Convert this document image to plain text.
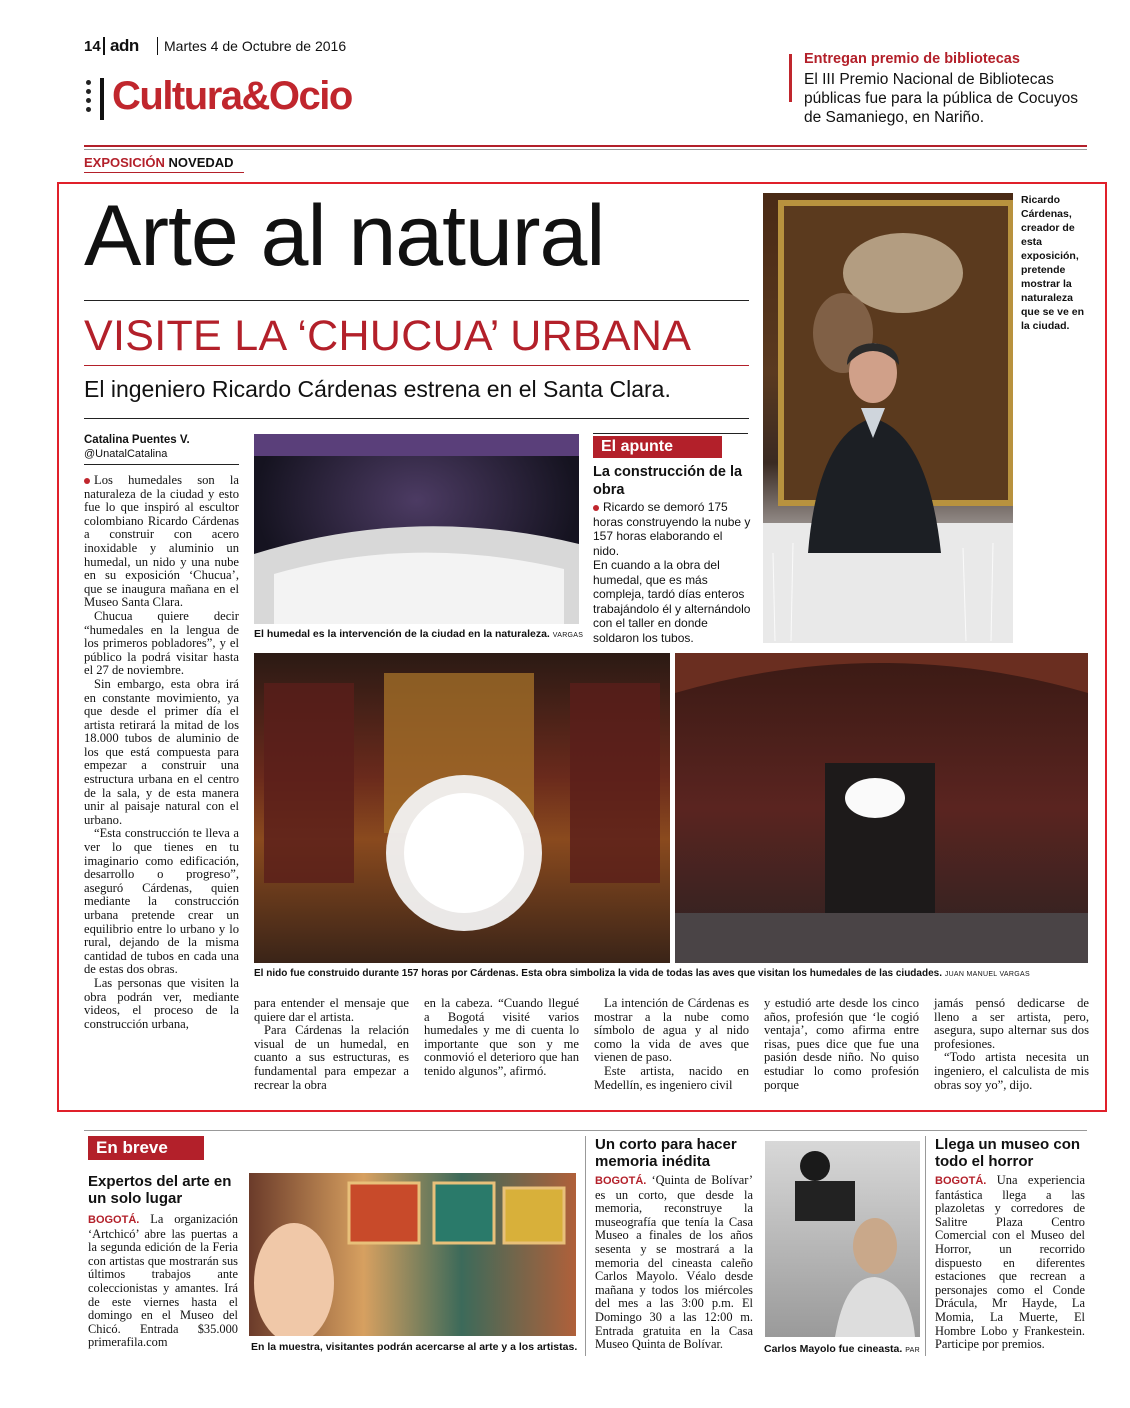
14 adn Martes 4 de Octubre de 2016
Cultura&Ocio
Entregan premio de bibliotecas
El III Premio Nacional de Bibliotecas públicas fue para la pública de Cocuyos de Samaniego, en Nariño.
EXPOSICIÓN NOVEDAD
Arte al natural
VISITE LA ‘CHUCUA’ URBANA
El ingeniero Ricardo Cárdenas estrena en el Santa Clara.
Ricardo Cárdenas, creador de esta exposición, pretende mostrar la naturaleza que se ve en la ciudad.
Catalina Puentes V.
@UnatalCatalina

Los humedales son la naturaleza de la ciudad y esto fue lo que inspiró al escultor colombiano Ricardo Cárdenas a construir con acero inoxidable y aluminio un humedal, un nido y una nube en su exposición ‘Chucua’, que se inaugura mañana en el Museo Santa Clara.

Chucua quiere decir “humedales en la lengua de los primeros pobladores”, y el público la podrá visitar hasta el 27 de noviembre.

Sin embargo, esta obra irá en constante movimiento, ya que desde el primer día el artista retirará la mitad de los 18.000 tubos de aluminio de los que está compuesta para empezar a construir una estructura urbana en el centro de la sala, y de esta manera unir al paisaje natural con el urbano.

“Esta construcción te lleva a ver lo que tienes en tu imaginario como edificación, desarrollo o progreso”, aseguró Cárdenas, quien mediante la construcción urbana pretende crear un equilibrio entre lo urbano y lo rural, dejando de la misma cantidad de tubos en cada una de estas dos obras.

Las personas que visiten la obra podrán ver, mediante videos, el proceso de la construcción urbana,

El humedal es la intervención de la ciudad en la naturaleza. VARGAS
El apunte
La construcción de la obra
Ricardo se demoró 175 horas construyendo la nube y 157 horas elaborando el nido.
En cuando a la obra del humedal, que es más compleja, tardó días enteros trabajándolo él y alternándolo con el taller en donde soldaron los tubos.
El nido fue construido durante 157 horas por Cárdenas. Esta obra simboliza la vida de todas las aves que visitan los humedales de las ciudades. JUAN MANUEL VARGAS

para entender el mensaje que quiere dar el artista.

Para Cárdenas la relación visual de un humedal, en cuanto a sus estructuras, es fundamental para empezar a recrear la obra

en la cabeza. “Cuando llegué a Bogotá visité varios humedales y me di cuenta lo importante que son y me conmovió el deterioro que han tenido algunos”, afirmó.

La intención de Cárdenas es mostrar a la nube como símbolo de agua y al nido como la vida de aves que vienen de paso.

Este artista, nacido en Medellín, es ingeniero civil

y estudió arte desde los cinco años, profesión que ‘le cogió ventaja’, como afirma entre risas, pues dice que fue una pasión desde niño. No quiso estudiar lo como profesión porque

jamás pensó dedicarse de lleno a ser artista, pero, asegura, supo alternar sus dos profesiones.

“Todo artista necesita un ingeniero, el calculista de mis obras soy yo”, dijo.

En breve
Expertos del arte en un solo lugar
BOGOTÁ. La organización ‘Artchicó’ abre las puertas a la segunda edición de la Feria con artistas que mostrarán sus últimos trabajos ante coleccionistas y amantes. Irá de este viernes hasta el domingo en el Museo del Chicó. Entrada $35.000 primerafila.com	En la muestra, visitantes podrán acercarse al arte y a los artistas.
Un corto para hacer memoria inédita
BOGOTÁ. ‘Quinta de Bolívar’ es un corto, que desde la memoria, reconstruye la museografía que tenía la Casa Museo a finales de los años sesenta y se mostrará a la memoria del cineasta caleño Carlos Mayolo. Véalo desde mañana y todos los miércoles del mes a las 3:00 p.m. El Domingo 30 a las 12:00 m. Entrada gratuita en la Casa Museo Quinta de Bolívar.	Carlos Mayolo fue cineasta. PAR
Llega un museo con todo el horror
BOGOTÁ. Una experiencia fantástica llega a las plazoletas y corredores de Salitre Plaza Centro Comercial con el Museo del Horror, un recorrido dispuesto en diferentes estaciones que recrean a personajes como el Conde Drácula, Mr Hayde, La Momia, La Muerte, El Hombre Lobo y Frankestein. Participe por premios.
